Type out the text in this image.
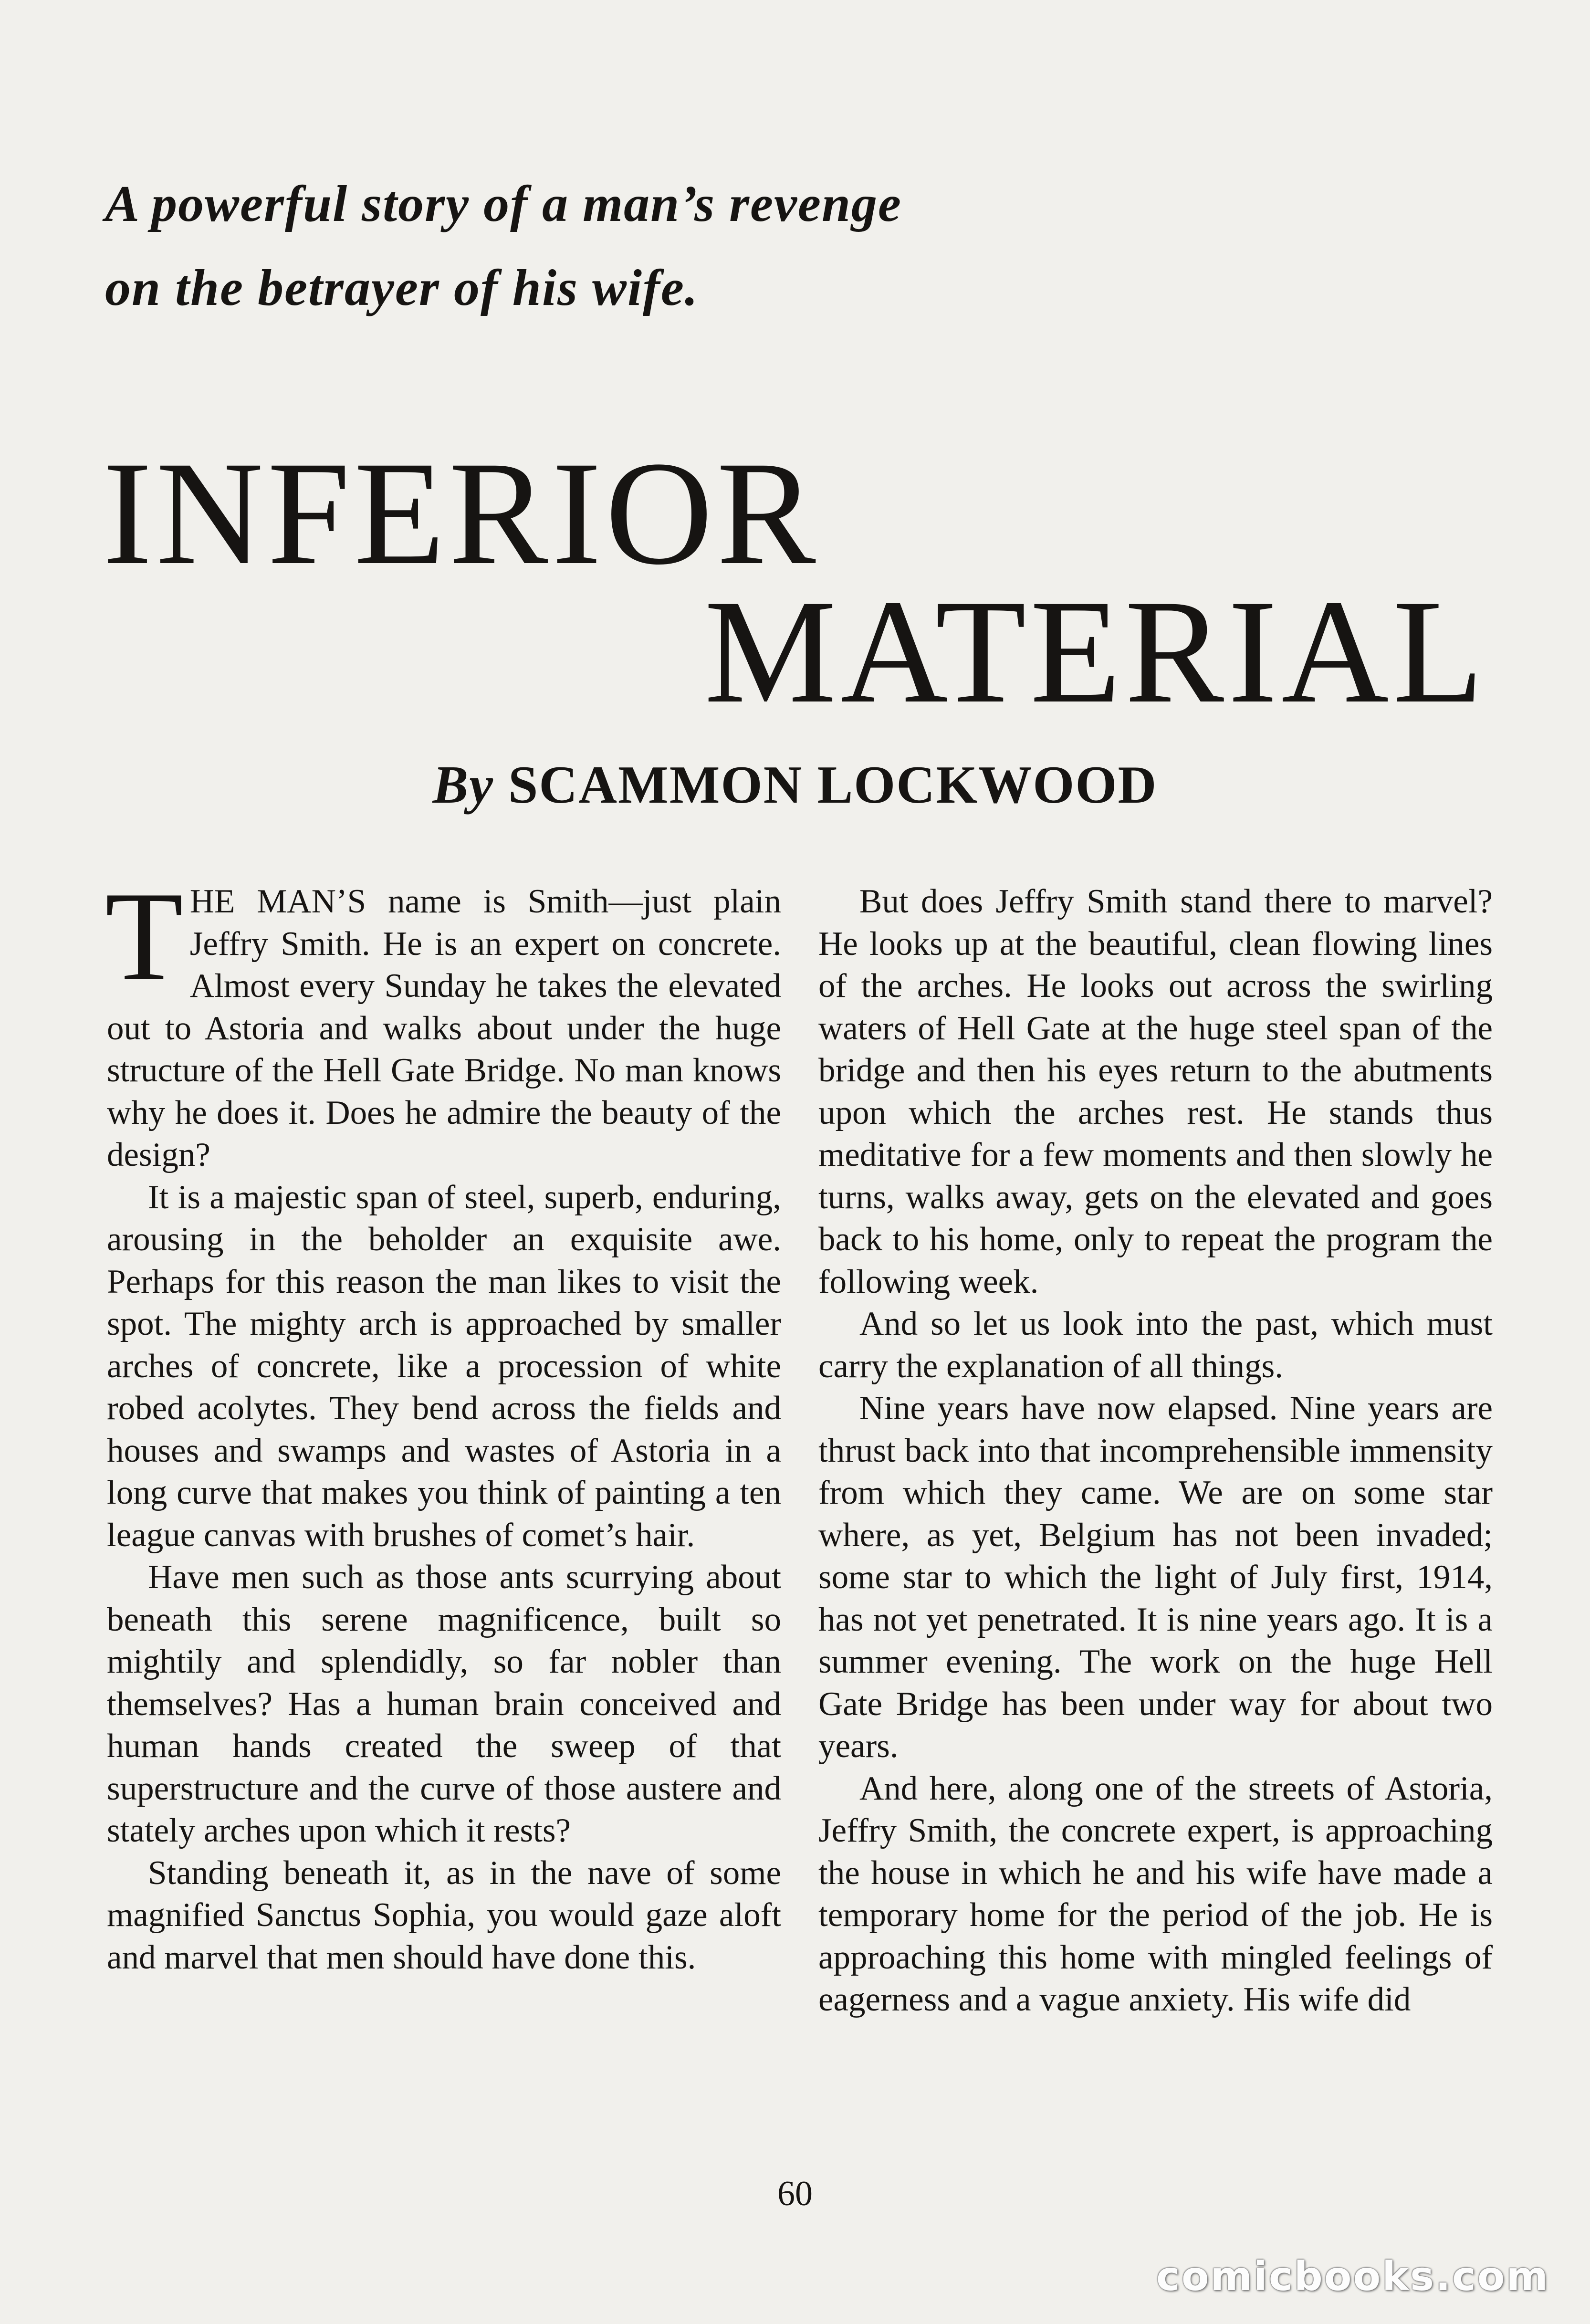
A powerful story of a man’s revenge
on the betrayer of his wife.
INFERIOR
MATERIAL
By SCAMMON LOCKWOOD

THE MAN’S name is Smith—just plain Jeffry Smith. He is an expert on concrete. Almost every Sunday he takes the elevated out to Astoria and walks about under the huge structure of the Hell Gate Bridge. No man knows why he does it. Does he admire the beauty of the design?

It is a majestic span of steel, superb, enduring, arousing in the beholder an exquisite awe. Perhaps for this reason the man likes to visit the spot. The mighty arch is approached by smaller arches of concrete, like a procession of white robed acolytes. They bend across the fields and houses and swamps and wastes of Astoria in a long curve that makes you think of painting a ten league canvas with brushes of comet’s hair.

Have men such as those ants scurrying about beneath this serene magnificence, built so mightily and splendidly, so far nobler than themselves? Has a human brain conceived and human hands created the sweep of that superstructure and the curve of those austere and stately arches upon which it rests?

Standing beneath it, as in the nave of some magnified Sanctus Sophia, you would gaze aloft and marvel that men should have done this.

But does Jeffry Smith stand there to marvel? He looks up at the beautiful, clean flowing lines of the arches. He looks out across the swirling waters of Hell Gate at the huge steel span of the bridge and then his eyes return to the abutments upon which the arches rest. He stands thus meditative for a few moments and then slowly he turns, walks away, gets on the elevated and goes back to his home, only to repeat the program the following week.

And so let us look into the past, which must carry the explanation of all things.

Nine years have now elapsed. Nine years are thrust back into that incomprehensible immensity from which they came. We are on some star where, as yet, Belgium has not been invaded; some star to which the light of July first, 1914, has not yet penetrated. It is nine years ago. It is a summer evening. The work on the huge Hell Gate Bridge has been under way for about two years.

And here, along one of the streets of Astoria, Jeffry Smith, the concrete expert, is approaching the house in which he and his wife have made a temporary home for the period of the job. He is approaching this home with mingled feelings of eagerness and a vague anxiety. His wife did

60
comicbooks.com
